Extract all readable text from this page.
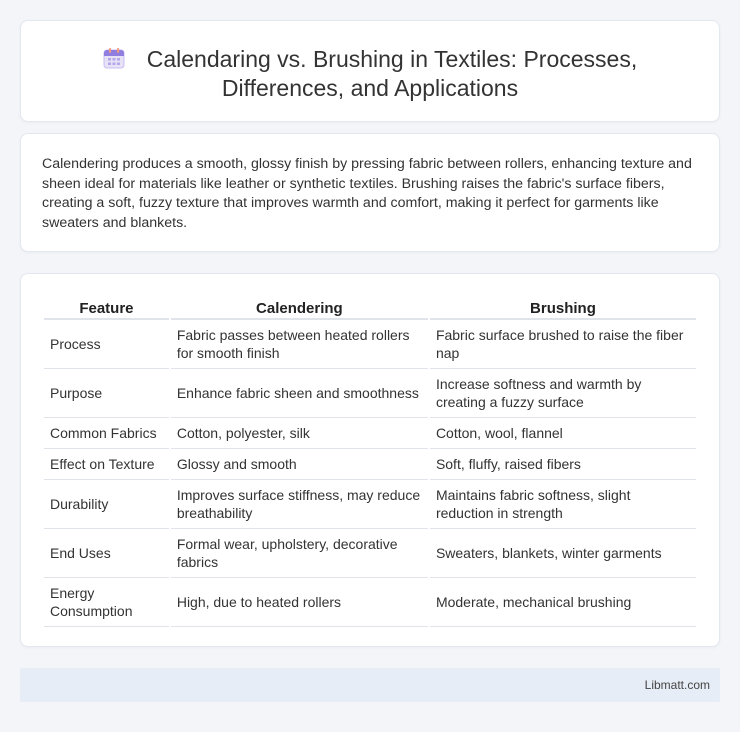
Calendaring vs. Brushing in Textiles: Processes,
Differences, and Applications

Calendering produces a smooth, glossy finish by pressing fabric between rollers, enhancing texture and sheen ideal for materials like leather or synthetic textiles. Brushing raises the fabric's surface fibers, creating a soft, fuzzy texture that improves warmth and comfort, making it perfect for garments like sweaters and blankets.

Feature	Calendering	Brushing
Process	Fabric passes between heated rollers for smooth finish	Fabric surface brushed to raise the fiber nap
Purpose	Enhance fabric sheen and smoothness	Increase softness and warmth by creating a fuzzy surface
Common Fabrics	Cotton, polyester, silk	Cotton, wool, flannel
Effect on Texture	Glossy and smooth	Soft, fluffy, raised fibers
Durability	Improves surface stiffness, may reduce breathability	Maintains fabric softness, slight reduction in strength
End Uses	Formal wear, upholstery, decorative fabrics	Sweaters, blankets, winter garments
Energy Consumption	High, due to heated rollers	Moderate, mechanical brushing
Libmatt.com
